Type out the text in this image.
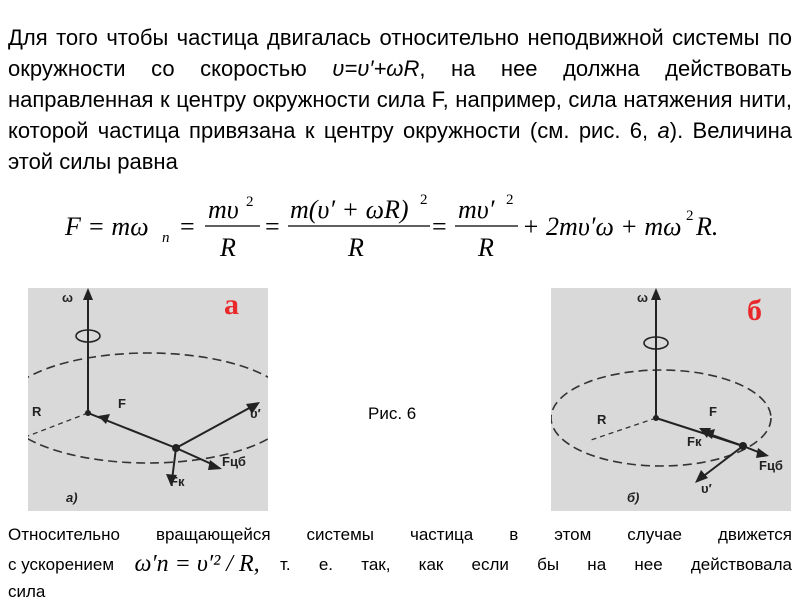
Для того чтобы частица двигалась относительно неподвижной системы по окружности со скоростью υ=υ′+ωR, на нее должна действовать направленная к центру окружности сила F, например, сила натяжения нити, которой частица привязана к центру окружности (см. рис. 6, а). Величина этой силы равна
F = mω n =
mυ 2
R
=
m(υ′ + ωR) 2
R
=
mυ′ 2
R
+ 2mυ′ω + mω 2 R.
ω
R
F
υ′
Fцб
Fк
а)
а
Рис. 6
ω
R
F
υ′
Fцб
Fк
б)
б
Относительно вращающейся системы частица в этом случае движется
с ускорением ω′n = υ′² / R, т. е. так, как если бы на нее действовала
сила
